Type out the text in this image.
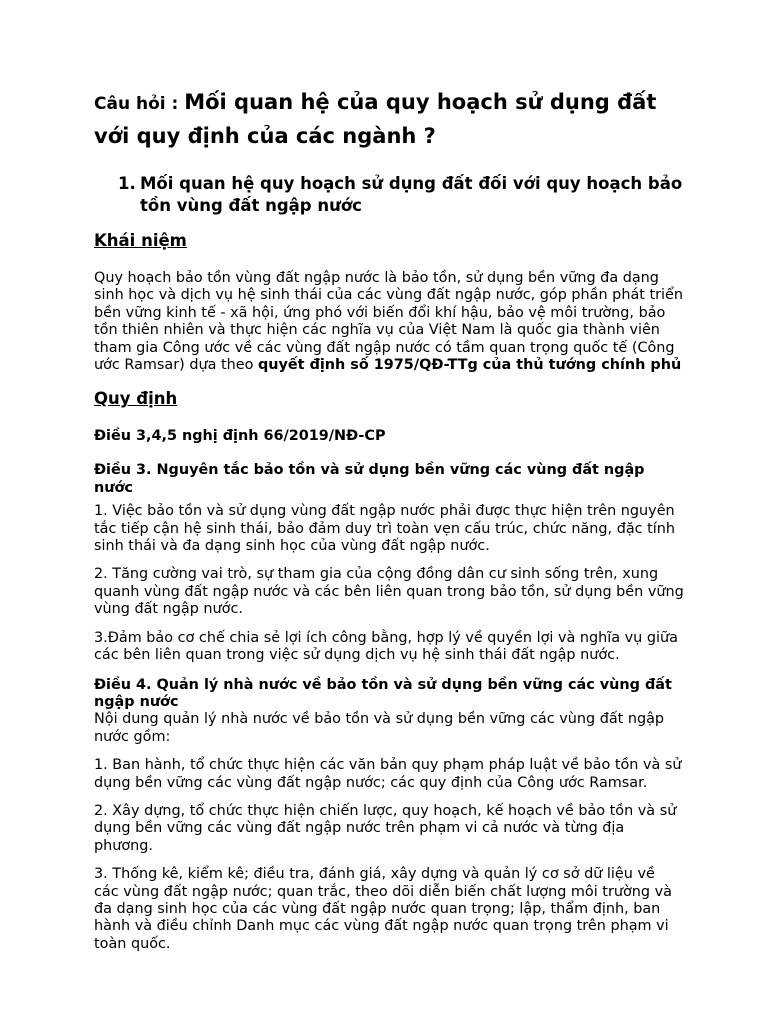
Câu hỏi : Mối quan hệ của quy hoạch sử dụng đất với quy định của các ngành ?
1. Mối quan hệ quy hoạch sử dụng đất đối với quy hoạch bảo tồn vùng đất ngập nước
Khái niệm

Quy hoạch bảo tồn vùng đất ngập nước là bảo tồn, sử dụng bền vững đa dạng sinh học và dịch vụ hệ sinh thái của các vùng đất ngập nước, góp phần phát triển bền vững kinh tế - xã hội, ứng phó với biến đổi khí hậu, bảo vệ môi trường, bảo tồn thiên nhiên và thực hiện các nghĩa vụ của Việt Nam là quốc gia thành viên tham gia Công ước về các vùng đất ngập nước có tầm quan trọng quốc tế (Công ước Ramsar) dựa theo quyết định số 1975/QĐ-TTg của thủ tướng chính phủ

Quy định

Điều 3,4,5 nghị định 66/2019/NĐ-CP

Điều 3. Nguyên tắc bảo tồn và sử dụng bền vững các vùng đất ngập nước

1. Việc bảo tồn và sử dụng vùng đất ngập nước phải được thực hiện trên nguyên tắc tiếp cận hệ sinh thái, bảo đảm duy trì toàn vẹn cấu trúc, chức năng, đặc tính sinh thái và đa dạng sinh học của vùng đất ngập nước.

2. Tăng cường vai trò, sự tham gia của cộng đồng dân cư sinh sống trên, xung quanh vùng đất ngập nước và các bên liên quan trong bảo tồn, sử dụng bền vững vùng đất ngập nước.

3.Đảm bảo cơ chế chia sẻ lợi ích công bằng, hợp lý về quyền lợi và nghĩa vụ giữa các bên liên quan trong việc sử dụng dịch vụ hệ sinh thái đất ngập nước.

Điều 4. Quản lý nhà nước về bảo tồn và sử dụng bền vững các vùng đất ngập nước

Nội dung quản lý nhà nước về bảo tồn và sử dụng bền vững các vùng đất ngập nước gồm:

1. Ban hành, tổ chức thực hiện các văn bản quy phạm pháp luật về bảo tồn và sử dụng bền vững các vùng đất ngập nước; các quy định của Công ước Ramsar.

2. Xây dựng, tổ chức thực hiện chiến lược, quy hoạch, kế hoạch về bảo tồn và sử dụng bền vững các vùng đất ngập nước trên phạm vi cả nước và từng địa phương.

3. Thống kê, kiểm kê; điều tra, đánh giá, xây dựng và quản lý cơ sở dữ liệu về các vùng đất ngập nước; quan trắc, theo dõi diễn biến chất lượng môi trường và đa dạng sinh học của các vùng đất ngập nước quan trọng; lập, thẩm định, ban hành và điều chỉnh Danh mục các vùng đất ngập nước quan trọng trên phạm vi toàn quốc.
